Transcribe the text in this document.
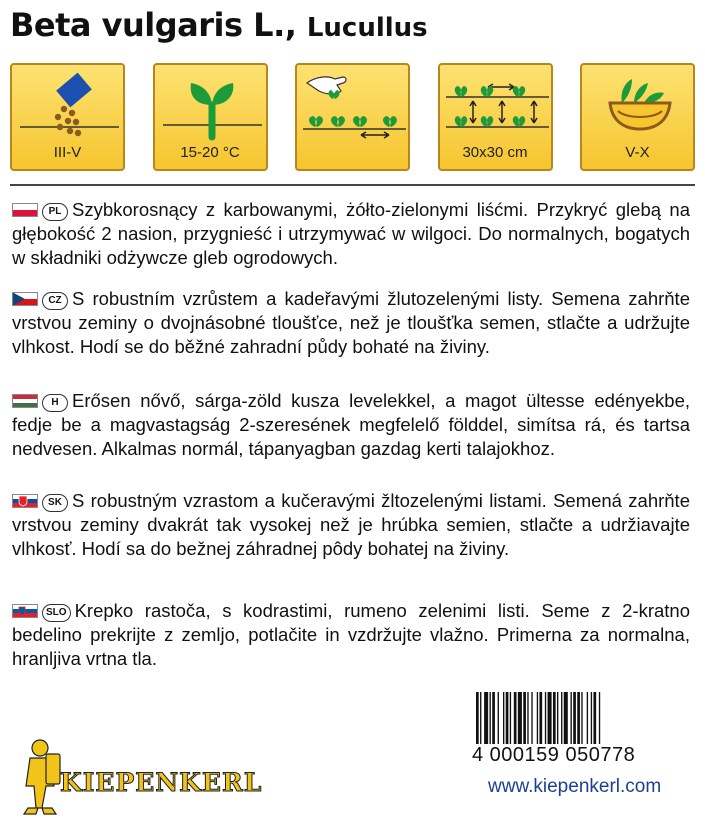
Beta vulgaris L., Lucullus
III-V	15-20 °C	30x30 cm	V-X
PL Szybkorosnący z karbowanymi, żółto-zielonymi liśćmi. Przykryć glebą na głębokość 2 nasion, przygnieść i utrzymywać w wilgoci. Do normalnych, bogatych w składniki odżywcze gleb ogrodowych.
CZ S robustním vzrůstem a kadeřavými žlutozelenými listy. Semena zahrňte vrstvou zeminy o dvojnásobné tloušťce, než je tloušťka semen, stlačte a udržujte vlhkost. Hodí se do běžné zahradní půdy bohaté na živiny.
H Erősen nővő, sárga-zöld kusza levelekkel, a magot ültesse edényekbe, fedje be a magvastagság 2-szeresének megfelelő földdel, simítsa rá, és tartsa nedvesen. Alkalmas normál, tápanyagban gazdag kerti talajokhoz.
SK S robustným vzrastom a kučeravými žltozelenými listami. Semená zahrňte vrstvou zeminy dvakrát tak vysokej než je hrúbka semien, stlačte a udržiavajte vlhkosť. Hodí sa do bežnej záhradnej pôdy bohatej na živiny.
SLO Krepko rastoča, s kodrastimi, rumeno zelenimi listi. Seme z 2-kratno bedelino prekrijte z zemljo, potlačite in vzdržujte vlažno. Primerna za normalna, hranljiva vrtna tla.
4 000159 050778
KIEPENKERL	www.kiepenkerl.com
